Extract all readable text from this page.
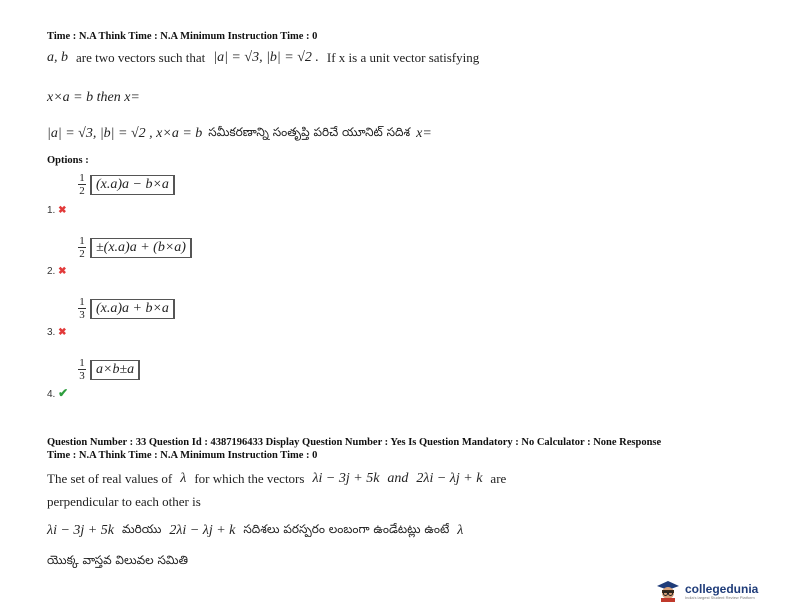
Time : N.A Think Time : N.A Minimum Instruction Time : 0
a, b are two vectors such that |a| = √3, |b| = √2 . If x is a unit vector satisfying
x×a = b then x=
|a| = √3, |b| = √2 , x×a = b సమీకరణాన్ని సంతృప్తి పరిచే యూనిట్ సదిశ x=
Options :
$\frac{1}{2} (x.a)a - b\times a$
1. ✖
$\frac{1}{2} \pm(x.a)a + (b\times a)$
2. ✖
$\frac{1}{3} (x.a)a + b\times a$
3. ✖
$\frac{1}{3} a\times b\pm a$
4. ✔
Question Number : 33 Question Id : 4387196433 Display Question Number : Yes Is Question Mandatory : No Calculator : None Response
Time : N.A Think Time : N.A Minimum Instruction Time : 0
The set of real values of λ for which the vectors λi − 3j + 5k and 2λi − λj + k are
perpendicular to each other is
λi − 3j + 5k మరియు 2λi − λj + k సదిశలు పరస్పరం లంబంగా ఉండేటట్లు ఉంటే λ
యొక్క వాస్తవ విలువల సమితి
collegedunia
India's largest Student Review Platform
